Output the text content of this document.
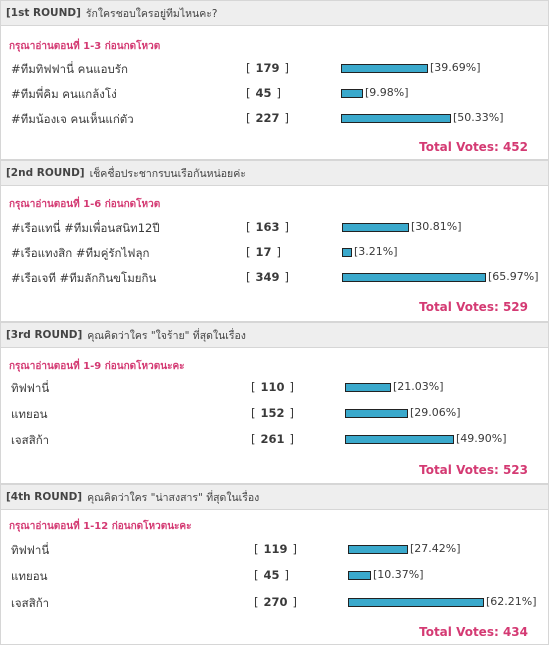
[1st ROUND] รักใครชอบใครอยู่ทีมไหนคะ?
กรุณาอ่านตอนที่ 1-3 ก่อนกดโหวต
#ทีมทิฟฟานี่ คนแอบรัก	[ 179 ]	[39.69%]
#ทีมพี่คิม คนแกล้งโง่	[ 45 ]	[9.98%]
#ทีมน้องเจ คนเห็นแก่ตัว	[ 227 ]	[50.33%]
Total Votes: 452
[2nd ROUND] เช็คชื่อประชากรบนเรือกันหน่อยค่ะ
กรุณาอ่านตอนที่ 1-6 ก่อนกดโหวต
#เรือแทนี่ #ทีมเพื่อนสนิท12ปี	[ 163 ]	[30.81%]
#เรือแทงสิก #ทีมคู่รักไฟลุก	[ 17 ]	[3.21%]
#เรือเจที #ทีมลักกินขโมยกิน	[ 349 ]	[65.97%]
Total Votes: 529
[3rd ROUND] คุณคิดว่าใคร "ใจร้าย" ที่สุดในเรื่อง
กรุณาอ่านตอนที่ 1-9 ก่อนกดโหวตนะคะ
ทิฟฟานี่	[ 110 ]	[21.03%]
แทยอน	[ 152 ]	[29.06%]
เจสสิก้า	[ 261 ]	[49.90%]
Total Votes: 523
[4th ROUND] คุณคิดว่าใคร "น่าสงสาร" ที่สุดในเรื่อง
กรุณาอ่านตอนที่ 1-12 ก่อนกดโหวตนะคะ
ทิฟฟานี่	[ 119 ]	[27.42%]
แทยอน	[ 45 ]	[10.37%]
เจสสิก้า	[ 270 ]	[62.21%]
Total Votes: 434
